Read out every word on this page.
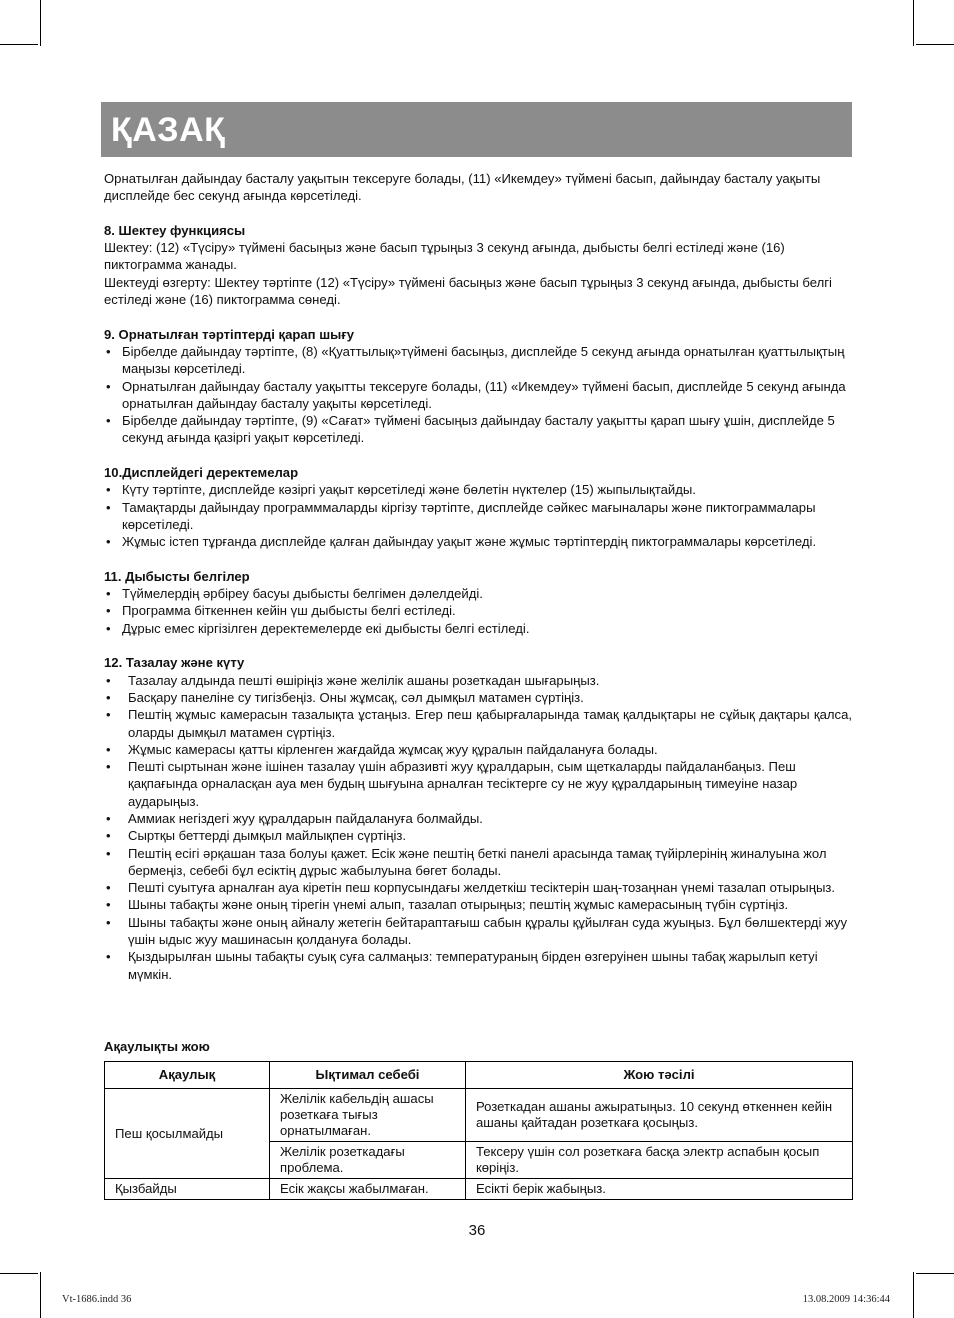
ҚАЗАҚ

Орнатылған дайындау басталу уақытын тексеруге болады, (11) «Икемдеу» түймені басып, дайындау басталу уақыты дисплейде бес секунд ағында көрсетіледі.

8. Шектеу функциясы

Шектеу: (12) «Түсіру» түймені басыңыз және басып тұрыңыз 3 секунд ағында, дыбысты белгі естіледі және (16) пиктограмма жанады.

Шектеуді өзгерту: Шектеу тәртіпте (12) «Түсіру» түймені басыңыз және басып тұрыңыз 3 секунд ағында, дыбысты белгі естіледі және (16) пиктограмма сөнеді.

9. Орнатылған тәртіптерді қарап шығу

• Бірбелде дайындау тәртіпте, (8) «Қуаттылық»түймені басыңыз, дисплейде 5 секунд ағында орнатылған қуаттылықтың маңызы көрсетіледі.
• Орнатылған дайындау басталу уақытты тексеруге болады, (11) «Икемдеу» түймені басып, дисплейде 5 секунд ағында орнатылған дайындау басталу уақыты көрсетіледі.
• Бірбелде дайындау тәртіпте, (9) «Сағат» түймені басыңыз дайындау басталу уақытты қарап шығу ұшін, дисплейде 5 секунд ағында қазіргі уақыт көрсетіледі.

10.Дисплейдегі деректемелар

• Күту тәртіпте, дисплейде кәзіргі уақыт көрсетіледі және бөлетін нүктелер (15) жыпылықтайды.
• Тамақтарды дайындау программмаларды кіргізу тәртіпте, дисплейде сәйкес мағыналары және пиктограммалары көрсетіледі.
• Жұмыс істеп тұрғанда дисплейде қалған дайындау уақыт және жұмыс тәртіптердің пиктограммалары көрсетіледі.

11. Дыбысты белгілер

• Түймелердің әрбіреу басуы дыбысты белгімен дәлелдейді.
• Программа біткеннен кейін үш дыбысты белгі естіледі.
• Дұрыс емес кіргізілген деректемелерде екі дыбысты белгі естіледі.

12. Тазалау және күту

• Тазалау алдында пешті өшіріңіз және желілік ашаны розеткадан шығарыңыз.
• Басқару панеліне су тигізбеңіз. Оны жұмсақ, сәл дымқыл матамен сүртіңіз.
• Пештің жұмыс камерасын тазалықта ұстаңыз. Егер пеш қабырғаларында тамақ қалдықтары не сұйық дақтары қалса, оларды дымқыл матамен сүртіңіз.
• Жұмыс камерасы қатты кірленген жағдайда жұмсақ жуу құралын пайдалануға болады.
• Пешті сыртынан және ішінен тазалау үшін абразивті жуу құралдарын, сым щеткаларды пайдаланбаңыз. Пеш қақпағында орналасқан ауа мен будың шығуына арналған тесіктерге су не жуу құралдарының тимеуіне назар аударыңыз.
• Аммиак негіздегі жуу құралдарын пайдалануға болмайды.
• Сыртқы беттерді дымқыл майлықпен сүртіңіз.
• Пештің есігі әрқашан таза болуы қажет. Есік және пештің беткі панелі арасында тамақ түйірлерінің жиналуына жол бермеңіз, себебі бұл есіктің дұрыс жабылуына бөгет болады.
• Пешті суытуға арналған ауа кіретін пеш корпусындағы желдеткіш тесіктерін шаң-тозаңнан үнемі тазалап отырыңыз.
• Шыны табақты және оның тірегін үнемі алып, тазалап отырыңыз; пештің жұмыс камерасының түбін сүртіңіз.
• Шыны табақты және оның айналу жетегін бейтараптағыш сабын құралы құйылған суда жуыңыз. Бұл бөлшектерді жуу үшін ыдыс жуу машинасын қолдануға болады.
• Қыздырылған шыны табақты суық суға салмаңыз: температураның бірден өзгеруінен шыны табақ жарылып кетуі мүмкін.
Ақаулықты жою
Ақаулық	Ықтимал себебі	Жою тәсілі
Пеш қосылмайды	Желілік кабельдің ашасы розеткаға тығыз орнатылмаған.	Розеткадан ашаны ажыратыңыз. 10 секунд өткеннен кейін ашаны қайтадан розеткаға қосыңыз.
	Желілік розеткадағы проблема.	Тексеру үшін сол розеткаға басқа электр аспабын қосып көріңіз.
Қызбайды	Есік жақсы жабылмаған.	Есікті берік жабыңыз.
36
Vt-1686.indd 36	13.08.2009 14:36:44
